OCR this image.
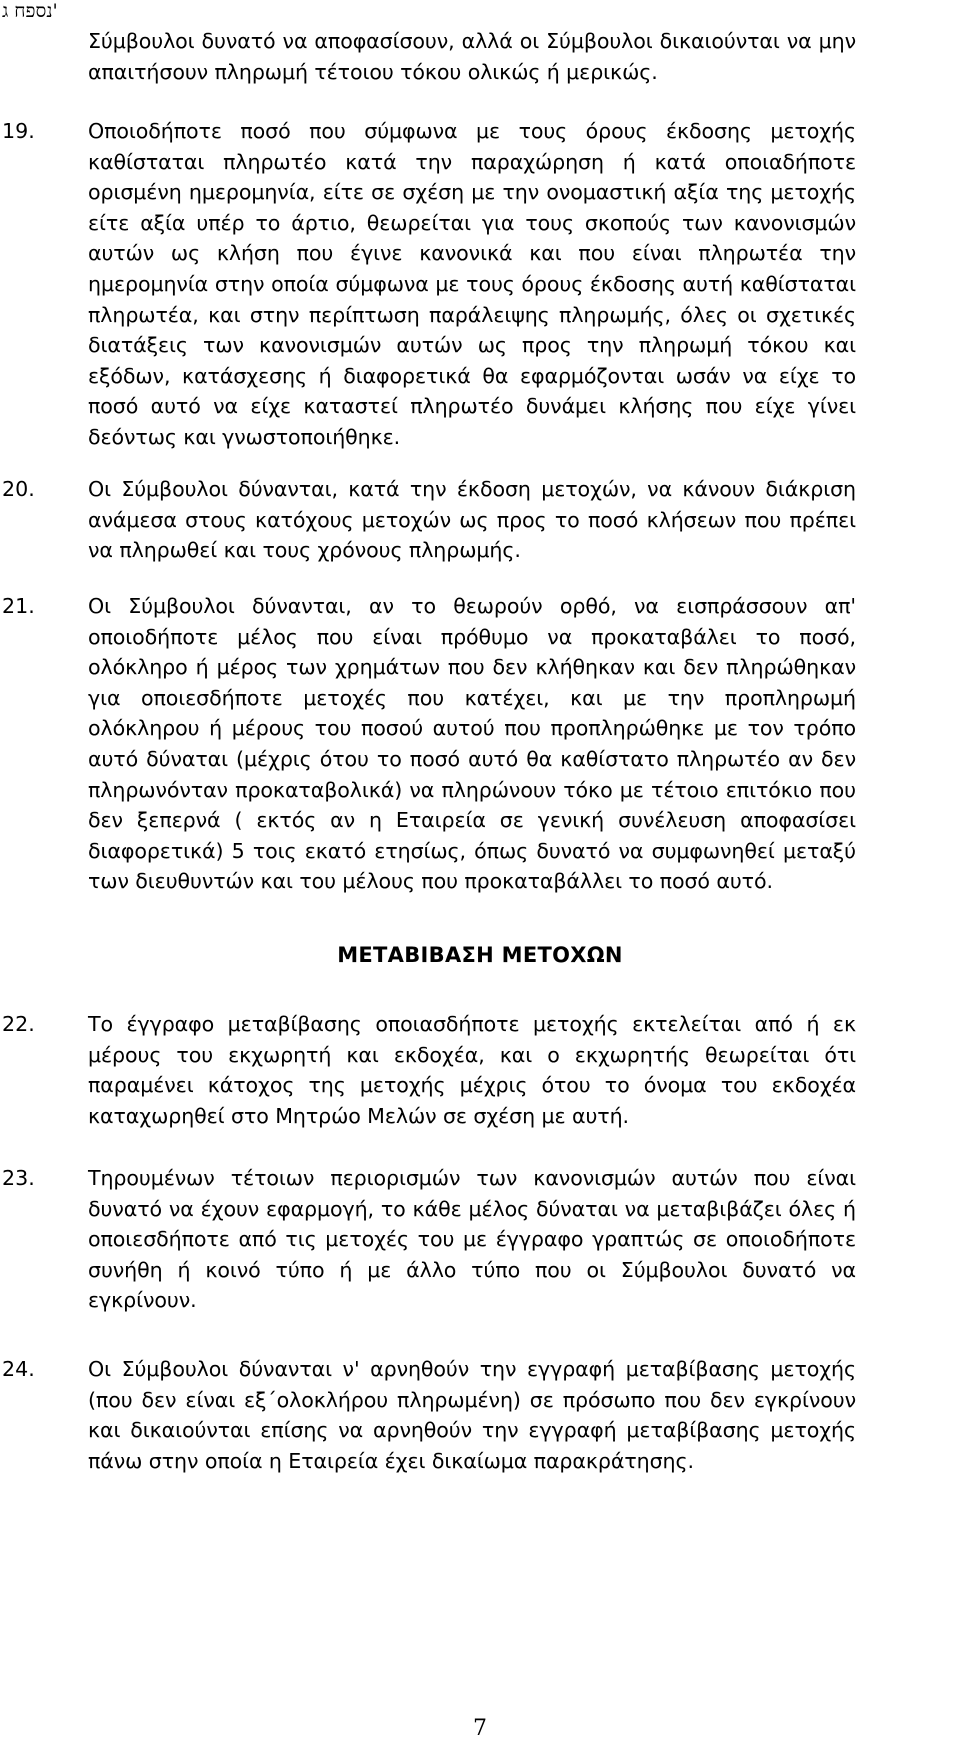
נספח ג'
Σύμβουλοι δυνατό να αποφασίσουν, αλλά οι Σύμβουλοι δικαιούνται να μην απαιτήσουν πληρωμή τέτοιου τόκου ολικώς ή μερικώς.
19.	Οποιοδήποτε ποσό που σύμφωνα με τους όρους έκδοσης μετοχής καθίσταται πληρωτέο κατά την παραχώρηση ή κατά οποιαδήποτε ορισμένη ημερομηνία, είτε σε σχέση με την ονομαστική αξία της μετοχής είτε αξία υπέρ το άρτιο, θεωρείται για τους σκοπούς των κανονισμών αυτών ως κλήση που έγινε κανονικά και που είναι πληρωτέα την ημερομηνία στην οποία σύμφωνα με τους όρους έκδοσης αυτή καθίσταται πληρωτέα, και στην περίπτωση παράλειψης πληρωμής, όλες οι σχετικές διατάξεις των κανονισμών αυτών ως προς την πληρωμή τόκου και εξόδων, κατάσχεσης ή διαφορετικά θα εφαρμόζονται ωσάν να είχε το ποσό αυτό να είχε καταστεί πληρωτέο δυνάμει κλήσης που είχε γίνει δεόντως και γνωστοποιήθηκε.
20.	Οι Σύμβουλοι δύνανται, κατά την έκδοση μετοχών, να κάνουν διάκριση ανάμεσα στους κατόχους μετοχών ως προς το ποσό κλήσεων που πρέπει να πληρωθεί και τους χρόνους πληρωμής.
21.	Οι Σύμβουλοι δύνανται, αν το θεωρούν ορθό, να εισπράσσουν απ' οποιοδήποτε μέλος που είναι πρόθυμο να προκαταβάλει το ποσό, ολόκληρο ή μέρος των χρημάτων που δεν κλήθηκαν και δεν πληρώθηκαν για οποιεσδήποτε μετοχές που κατέχει, και με την προπληρωμή ολόκληρου ή μέρους του ποσού αυτού που προπληρώθηκε με τον τρόπο αυτό δύναται (μέχρις ότου το ποσό αυτό θα καθίστατο πληρωτέο αν δεν πληρωνόνταν προκαταβολικά) να πληρώνουν τόκο με τέτοιο επιτόκιο που δεν ξεπερνά ( εκτός αν η Εταιρεία σε γενική συνέλευση αποφασίσει διαφορετικά) 5 τοις εκατό ετησίως, όπως δυνατό να συμφωνηθεί μεταξύ των διευθυντών και του μέλους που προκαταβάλλει το ποσό αυτό.
ΜΕΤΑΒΙΒΑΣΗ ΜΕΤΟΧΩΝ
22.	Το έγγραφο μεταβίβασης οποιασδήποτε μετοχής εκτελείται από ή εκ μέρους του εκχωρητή και εκδοχέα, και ο εκχωρητής θεωρείται ότι παραμένει κάτοχος της μετοχής μέχρις ότου το όνομα του εκδοχέα καταχωρηθεί στο Μητρώο Μελών σε σχέση με αυτή.
23.	Τηρουμένων τέτοιων περιορισμών των κανονισμών αυτών που είναι δυνατό να έχουν εφαρμογή, το κάθε μέλος δύναται να μεταβιβάζει όλες ή οποιεσδήποτε από τις μετοχές του με έγγραφο γραπτώς σε οποιοδήποτε συνήθη ή κοινό τύπο ή με άλλο τύπο που οι Σύμβουλοι δυνατό να εγκρίνουν.
24.	Οι Σύμβουλοι δύνανται ν' αρνηθούν την εγγραφή μεταβίβασης μετοχής (που δεν είναι εξ΄ολοκλήρου πληρωμένη) σε πρόσωπο που δεν εγκρίνουν και δικαιούνται επίσης να αρνηθούν την εγγραφή μεταβίβασης μετοχής πάνω στην οποία η Εταιρεία έχει δικαίωμα παρακράτησης.
7
